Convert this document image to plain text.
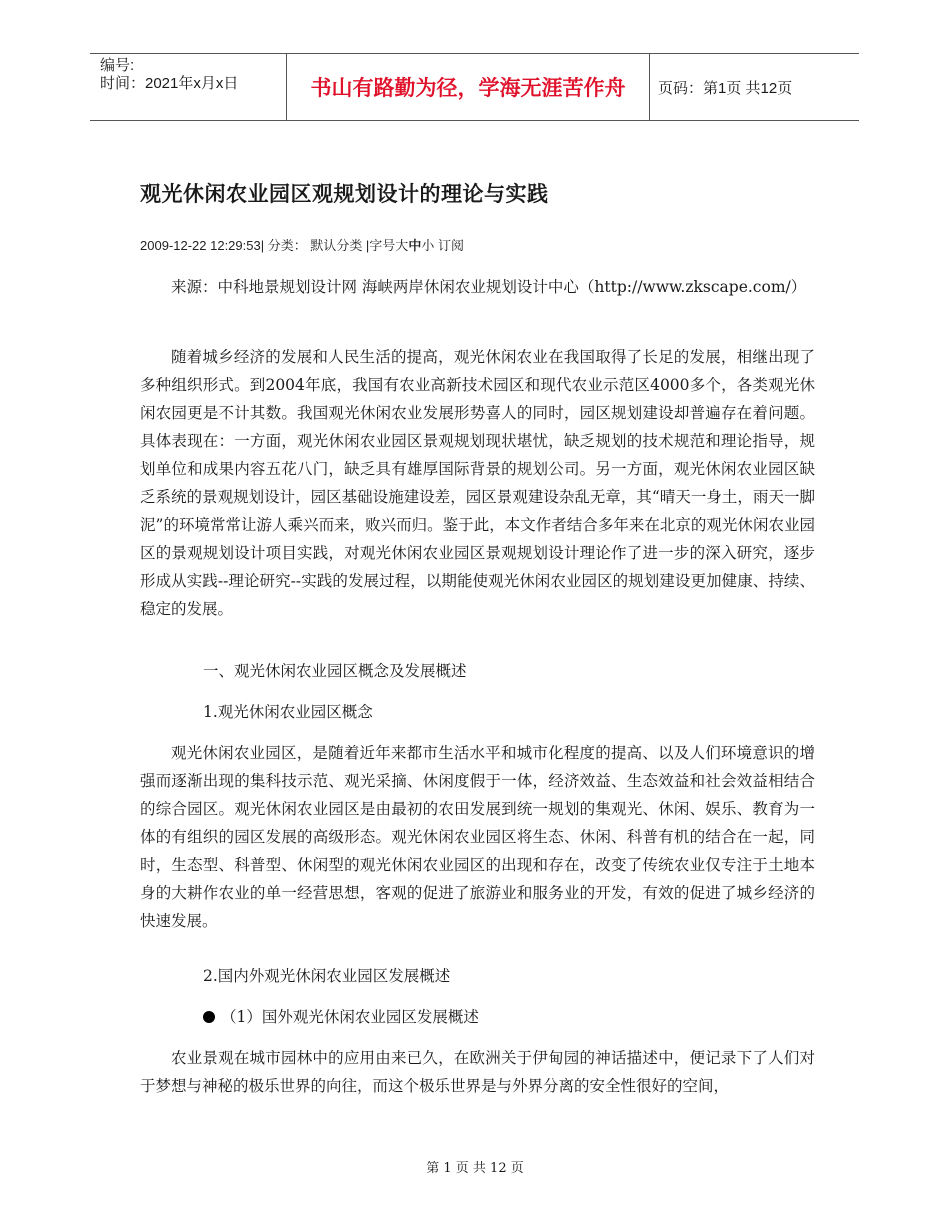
编号:
时间：2021年x月x日	书山有路勤为径，学海无涯苦作舟	页码：第1页 共12页
观光休闲农业园区观规划设计的理论与实践
2009-12-22 12:29:53| 分类： 默认分类 |字号大中小 订阅
来源：中科地景规划设计网 海峡两岸休闲农业规划设计中心（http://www.zkscape.com/）

随着城乡经济的发展和人民生活的提高，观光休闲农业在我国取得了长足的发展，相继出现了多种组织形式。到2004年底，我国有农业高新技术园区和现代农业示范区4000多个，各类观光休闲农园更是不计其数。我国观光休闲农业发展形势喜人的同时，园区规划建设却普遍存在着问题。具体表现在：一方面，观光休闲农业园区景观规划现状堪忧，缺乏规划的技术规范和理论指导，规划单位和成果内容五花八门，缺乏具有雄厚国际背景的规划公司。另一方面，观光休闲农业园区缺乏系统的景观规划设计，园区基础设施建设差，园区景观建设杂乱无章，其“晴天一身土，雨天一脚泥”的环境常常让游人乘兴而来，败兴而归。鉴于此，本文作者结合多年来在北京的观光休闲农业园区的景观规划设计项目实践，对观光休闲农业园区景观规划设计理论作了进一步的深入研究，逐步形成从实践--理论研究--实践的发展过程，以期能使观光休闲农业园区的规划建设更加健康、持续、稳定的发展。

一、观光休闲农业园区概念及发展概述
1.观光休闲农业园区概念

观光休闲农业园区，是随着近年来都市生活水平和城市化程度的提高、以及人们环境意识的增强而逐渐出现的集科技示范、观光采摘、休闲度假于一体，经济效益、生态效益和社会效益相结合的综合园区。观光休闲农业园区是由最初的农田发展到统一规划的集观光、休闲、娱乐、教育为一体的有组织的园区发展的高级形态。观光休闲农业园区将生态、休闲、科普有机的结合在一起，同时，生态型、科普型、休闲型的观光休闲农业园区的出现和存在，改变了传统农业仅专注于土地本身的大耕作农业的单一经营思想，客观的促进了旅游业和服务业的开发，有效的促进了城乡经济的快速发展。

2.国内外观光休闲农业园区发展概述
（1）国外观光休闲农业园区发展概述

农业景观在城市园林中的应用由来已久，在欧洲关于伊甸园的神话描述中，便记录下了人们对于梦想与神秘的极乐世界的向往，而这个极乐世界是与外界分离的安全性很好的空间，

第 1 页 共 12 页
